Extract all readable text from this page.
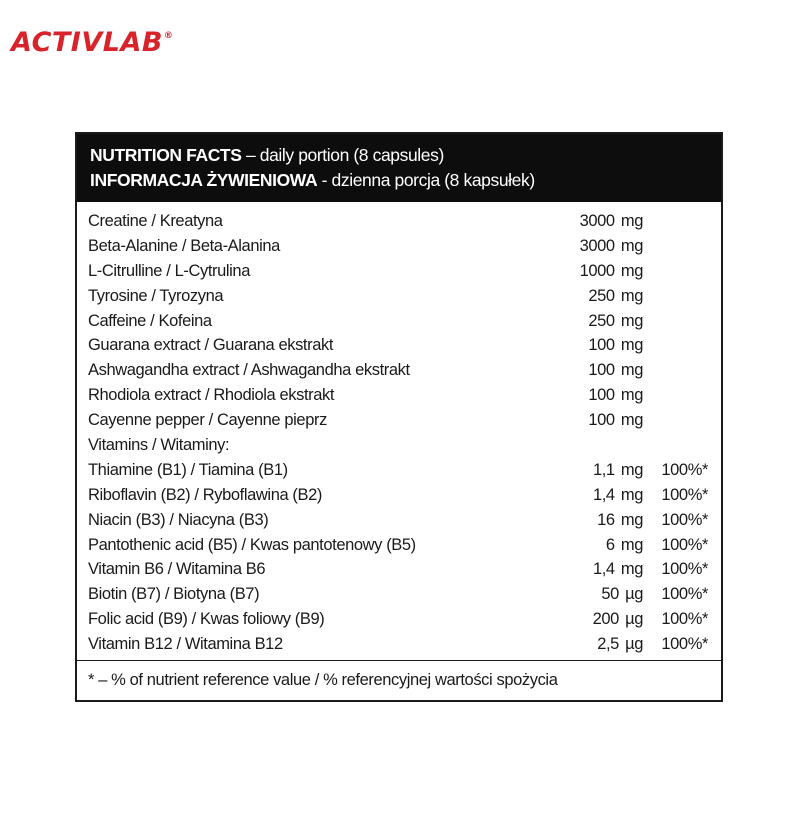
ACTIVLAB®
NUTRITION FACTS – daily portion (8 capsules)
INFORMACJA ŻYWIENIOWA - dzienna porcja (8 kapsułek)
Creatine / Kreatyna	3000 mg
Beta-Alanine / Beta-Alanina	3000 mg
L-Citrulline / L-Cytrulina	1000 mg
Tyrosine / Tyrozyna	250 mg
Caffeine / Kofeina	250 mg
Guarana extract / Guarana ekstrakt	100 mg
Ashwagandha extract / Ashwagandha ekstrakt	100 mg
Rhodiola extract / Rhodiola ekstrakt	100 mg
Cayenne pepper / Cayenne pieprz	100 mg
Vitamins / Witaminy:
Thiamine (B1) / Tiamina (B1)	1,1 mg 100%*
Riboflavin (B2) / Ryboflawina (B2)	1,4 mg 100%*
Niacin (B3) / Niacyna (B3)	16 mg 100%*
Pantothenic acid (B5) / Kwas pantotenowy (B5)	6 mg 100%*
Vitamin B6 / Witamina B6	1,4 mg 100%*
Biotin (B7) / Biotyna (B7)	50 µg 100%*
Folic acid (B9) / Kwas foliowy (B9)	200 µg 100%*
Vitamin B12 / Witamina B12	2,5 µg 100%*
* – % of nutrient reference value / % referencyjnej wartości spożycia
